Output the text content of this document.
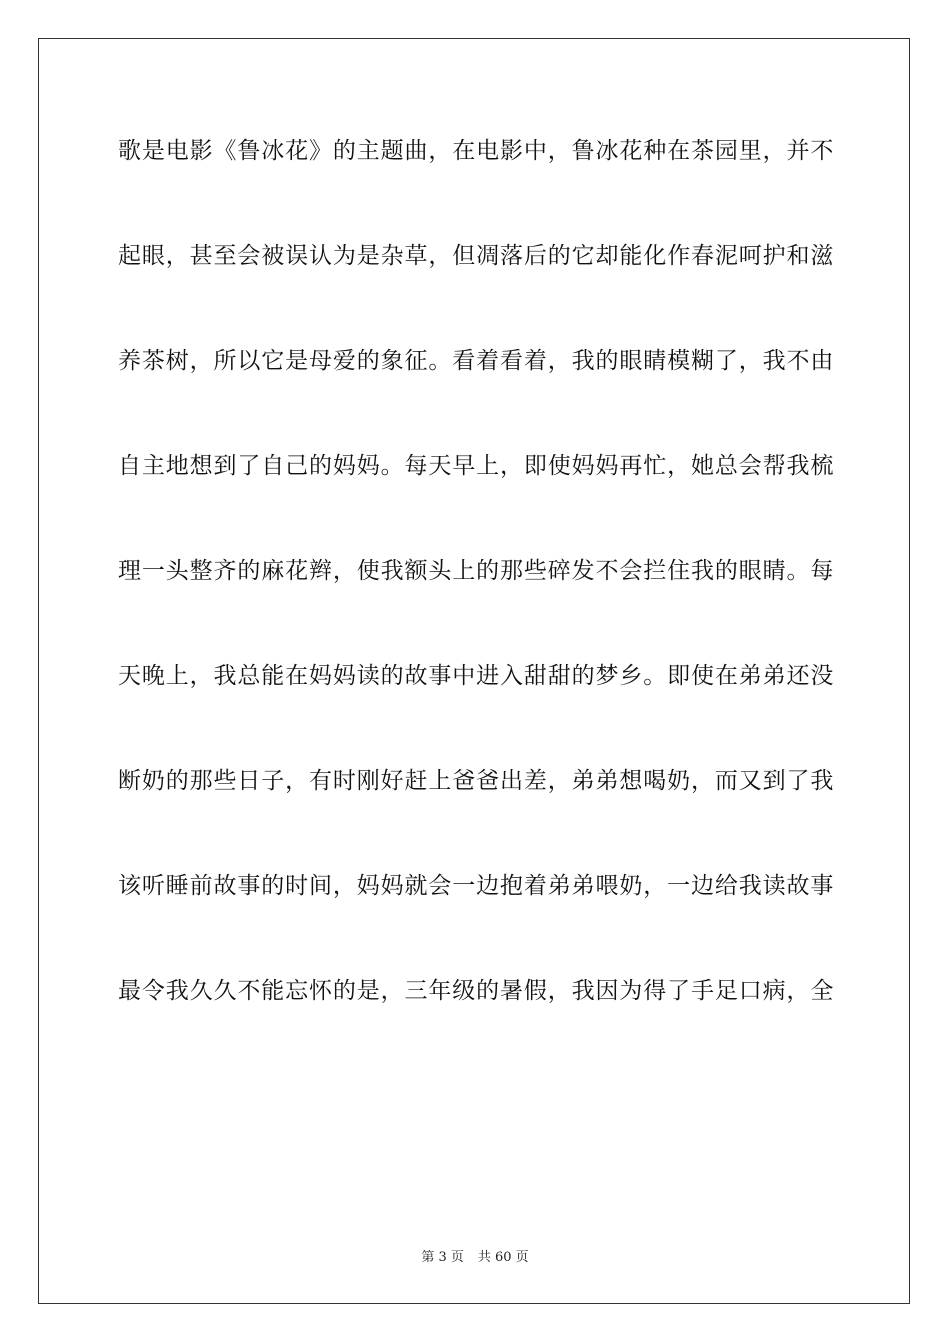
歌是电影《鲁冰花》的主题曲，在电影中，鲁冰花种在茶园里，并不
起眼，甚至会被误认为是杂草，但凋落后的它却能化作春泥呵护和滋
养茶树，所以它是母爱的象征。看着看着，我的眼睛模糊了，我不由
自主地想到了自己的妈妈。每天早上，即使妈妈再忙，她总会帮我梳
理一头整齐的麻花辫，使我额头上的那些碎发不会拦住我的眼睛。每
天晚上，我总能在妈妈读的故事中进入甜甜的梦乡。即使在弟弟还没
断奶的那些日子，有时刚好赶上爸爸出差，弟弟想喝奶，而又到了我
该听睡前故事的时间，妈妈就会一边抱着弟弟喂奶，一边给我读故事
最令我久久不能忘怀的是，三年级的暑假，我因为得了手足口病，全
第 3 页 共 60 页
